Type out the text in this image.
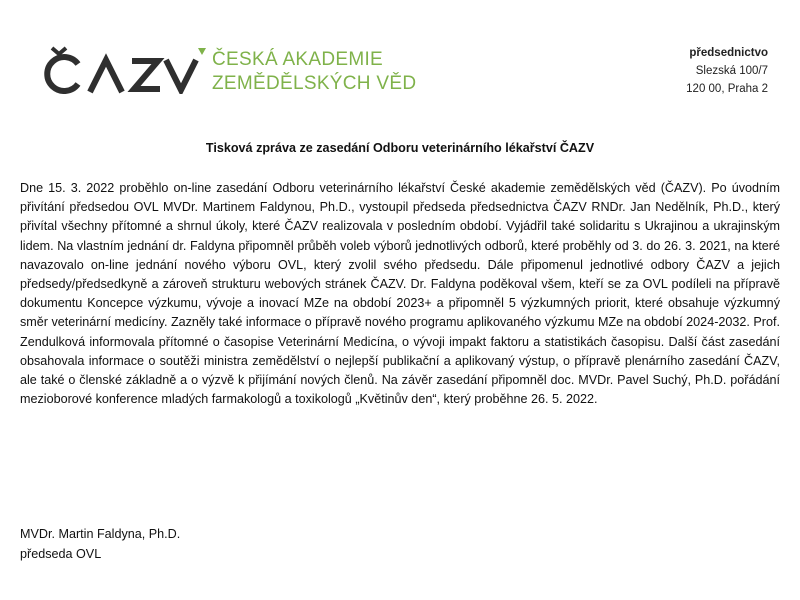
ČESKÁ AKADEMIE
ZEMĚDĚLSKÝCH VĚD
předsednictvo
Slezská 100/7
120 00, Praha 2
Tisková zpráva ze zasedání Odboru veterinárního lékařství ČAZV
Dne 15. 3. 2022 proběhlo on-line zasedání Odboru veterinárního lékařství České akademie zemědělských věd (ČAZV). Po úvodním přivítání předsedou OVL MVDr. Martinem Faldynou, Ph.D., vystoupil předseda předsednictva ČAZV RNDr. Jan Nedělník, Ph.D., který přivítal všechny přítomné a shrnul úkoly, které ČAZV realizovala v posledním období. Vyjádřil také solidaritu s Ukrajinou a ukrajinským lidem. Na vlastním jednání dr. Faldyna připomněl průběh voleb výborů jednotlivých odborů, které proběhly od 3. do 26. 3. 2021, na které navazovalo on-line jednání nového výboru OVL, který zvolil svého předsedu. Dále připomenul jednotlivé odbory ČAZV a jejich předsedy/předsedkyně a zároveň strukturu webových stránek ČAZV. Dr. Faldyna poděkoval všem, kteří se za OVL podíleli na přípravě dokumentu Koncepce výzkumu, vývoje a inovací MZe na období 2023+ a připomněl 5 výzkumných priorit, které obsahuje výzkumný směr veterinární medicíny. Zazněly také informace o přípravě nového programu aplikovaného výzkumu MZe na období 2024-2032. Prof. Zendulková informovala přítomné o časopise Veterinární Medicína, o vývoji impakt faktoru a statistikách časopisu. Další část zasedání obsahovala informace o soutěži ministra zemědělství o nejlepší publikační a aplikovaný výstup, o přípravě plenárního zasedání ČAZV, ale také o členské základně a o výzvě k přijímání nových členů. Na závěr zasedání připomněl doc. MVDr. Pavel Suchý, Ph.D. pořádání mezioborové konference mladých farmakologů a toxikologů „Květinův den“, který proběhne 26. 5. 2022.
MVDr. Martin Faldyna, Ph.D.
předseda OVL
